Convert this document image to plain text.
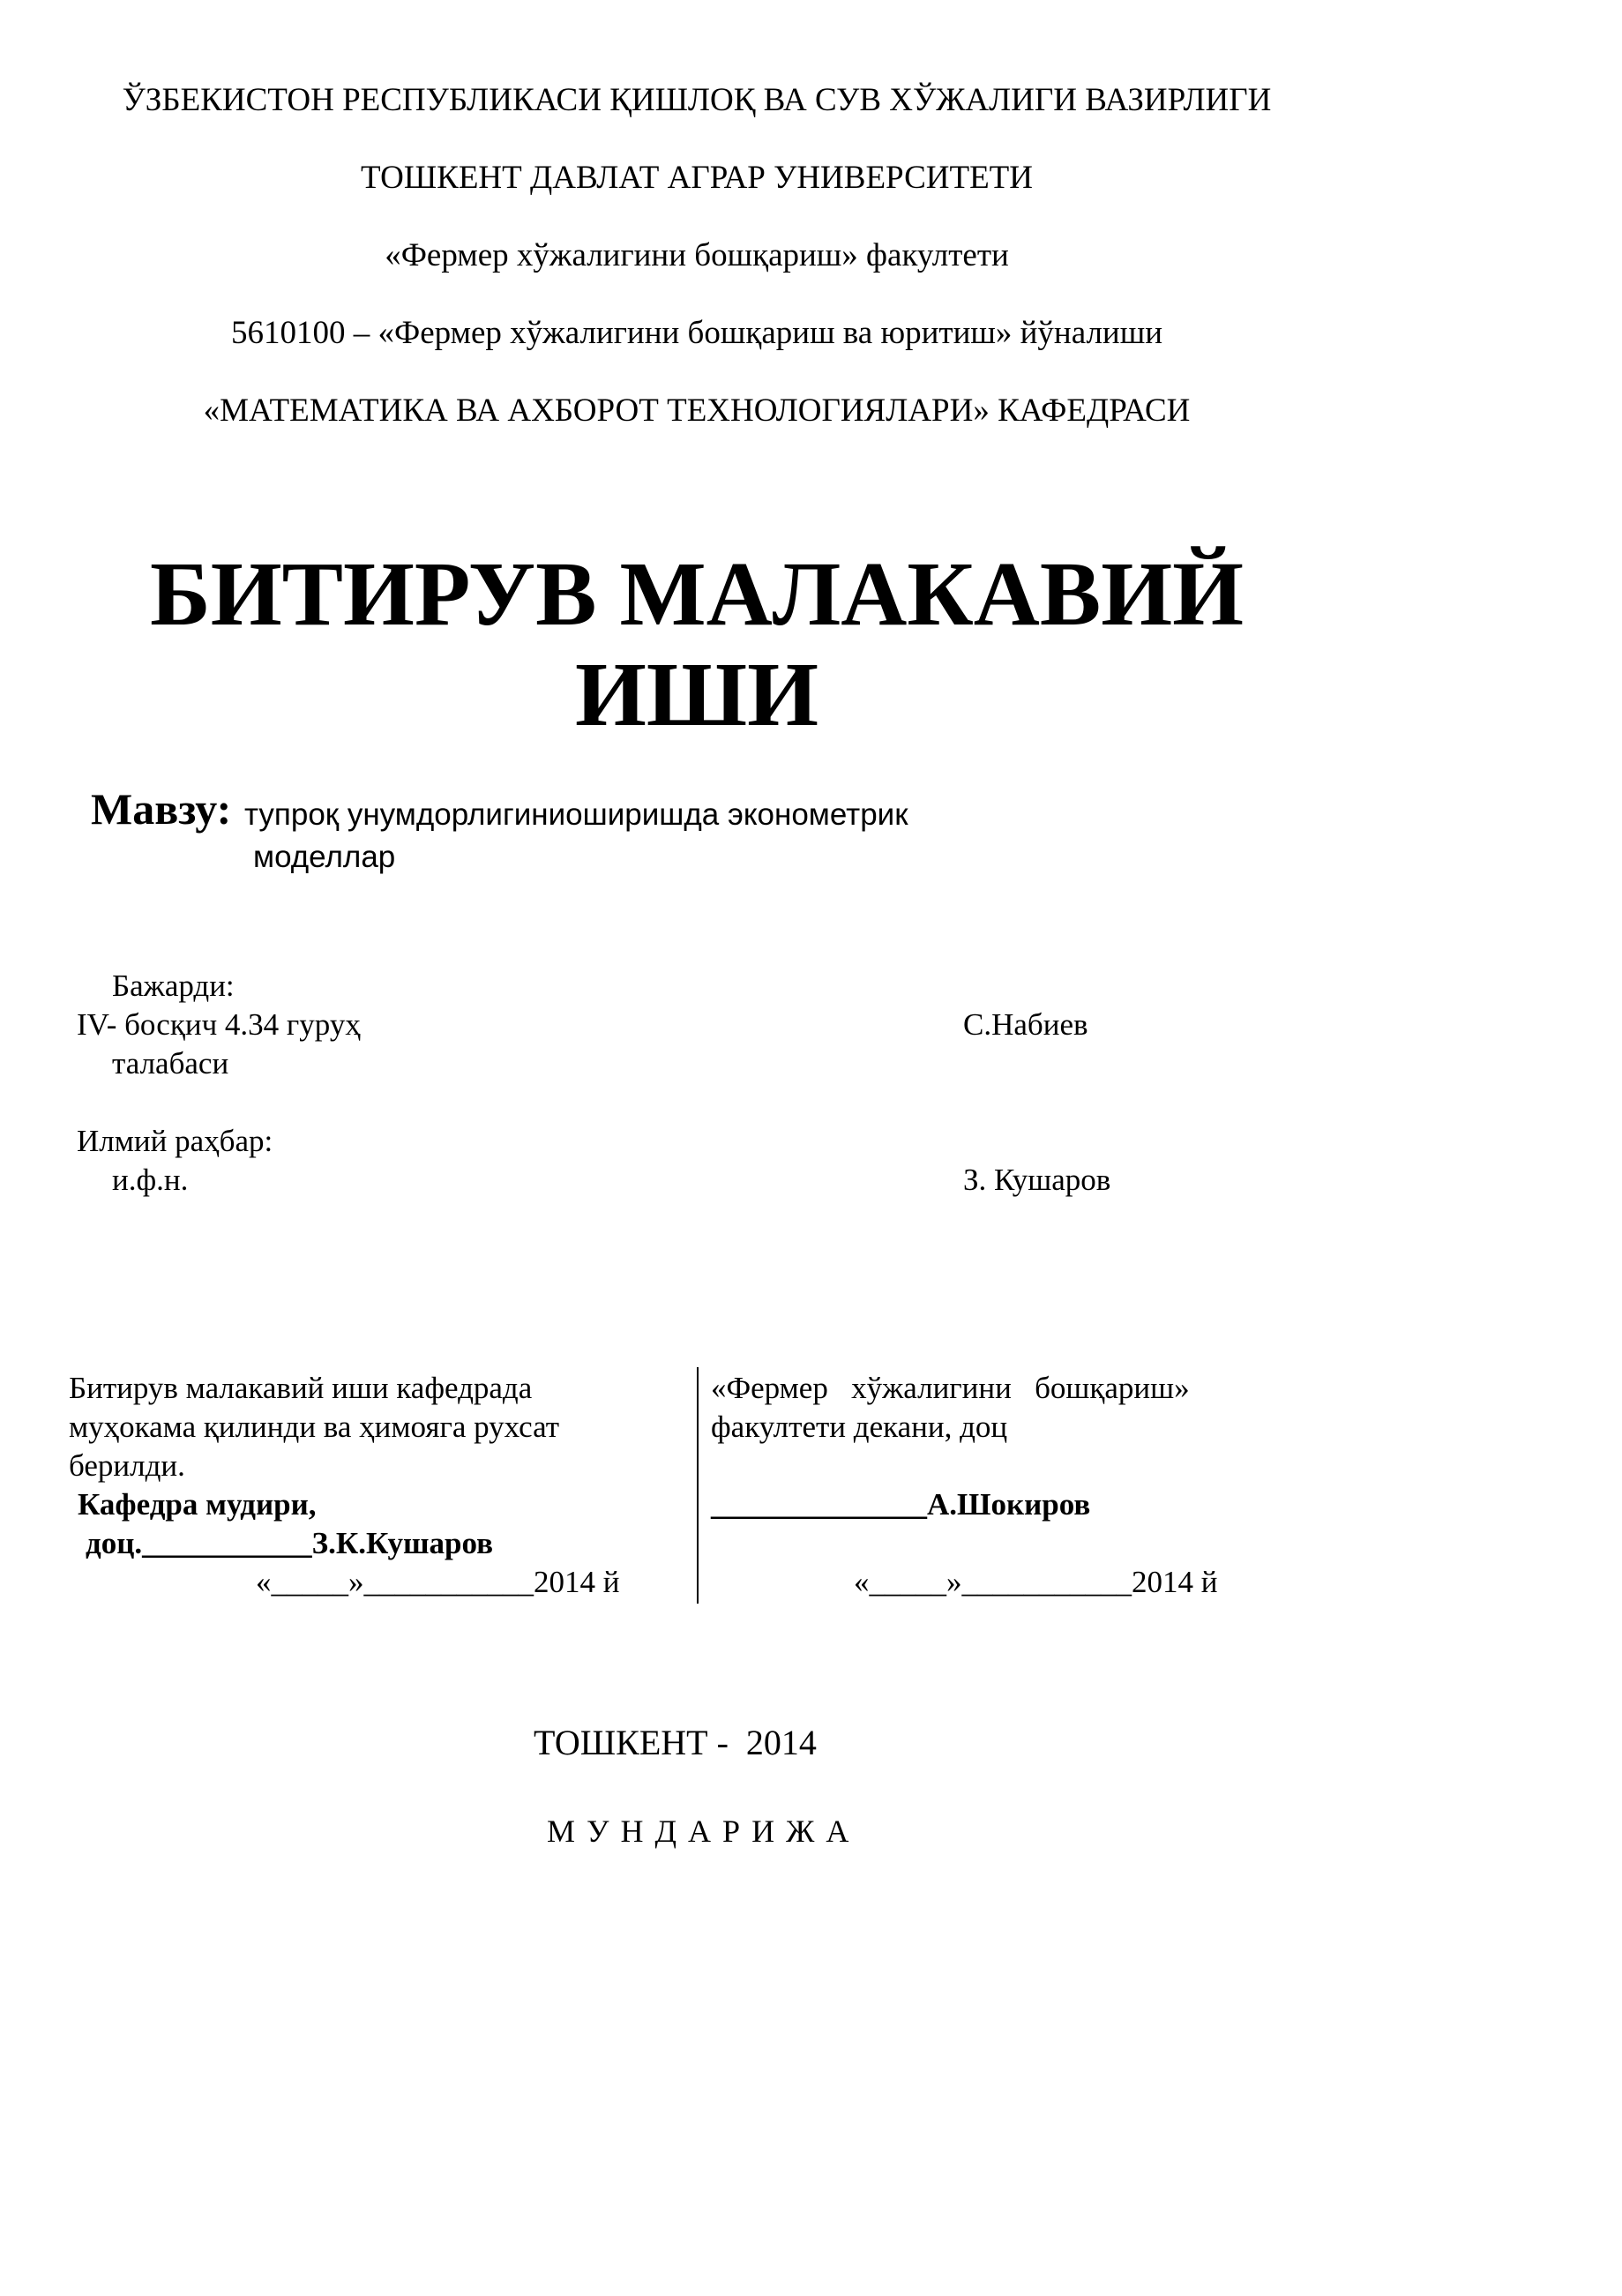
ЎЗБЕКИСТОН РЕСПУБЛИКАСИ ҚИШЛОҚ ВА СУВ ХЎЖАЛИГИ ВАЗИРЛИГИ
ТОШКЕНТ ДАВЛАТ АГРАР УНИВЕРСИТЕТИ
«Фермер хўжалигини бошқариш» факултети
5610100 – «Фермер хўжалигини бошқариш ва юритиш» йўналиши
«МАТЕМАТИКА ВА АХБОРОТ ТЕХНОЛОГИЯЛАРИ» КАФЕДРАСИ
БИТИРУВ МАЛАКАВИЙ
ИШИ
Мавзу: тупроқ унумдорлигиниоширишда эконометрик
моделлар
Бажарди:
IV- босқич 4.34 гуруҳ
талабаси
С.Набиев
Илмий раҳбар:
и.ф.н.	З. Кушаров
Битирув малакавий иши кафедрада
муҳокама қилинди ва ҳимояга рухсат
берилди.
Кафедра мудири,
доц.___________З.К.Кушаров
«_____»___________2014 й
«Фермер   хўжалигини   бошқариш»
факултети декани, доц
______________А.Шокиров
«_____»___________2014 й
ТОШКЕНТ -  2014
МУНДАРИЖА
